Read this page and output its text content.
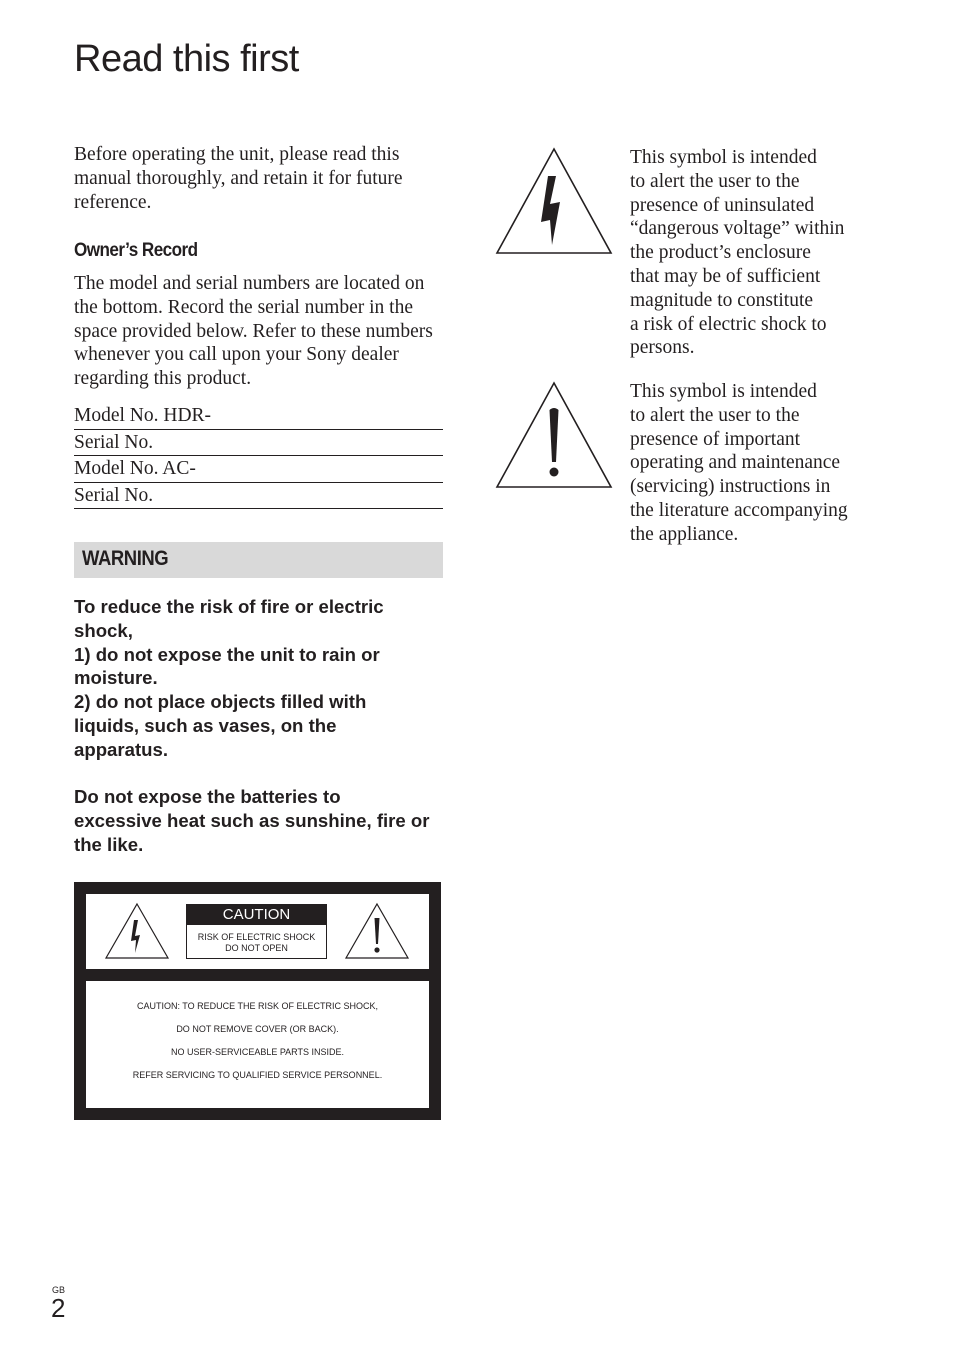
Read this first

Before operating the unit, please read this manual thoroughly, and retain it for future reference.

Owner’s Record

The model and serial numbers are located on the bottom. Record the serial number in the space provided below. Refer to these numbers whenever you call upon your Sony dealer regarding this product.

Model No. HDR-
Serial No.
Model No. AC-
Serial No.
WARNING

To reduce the risk of fire or electric
shock,
1) do not expose the unit to rain or
moisture.
2) do not place objects filled with
liquids, such as vases, on the
apparatus.

Do not expose the batteries to
excessive heat such as sunshine, fire or
the like.

CAUTION
RISK OF ELECTRIC SHOCK
DO NOT OPEN
CAUTION: TO REDUCE THE RISK OF ELECTRIC SHOCK,
DO NOT REMOVE COVER (OR BACK).
NO USER-SERVICEABLE PARTS INSIDE.
REFER SERVICING TO QUALIFIED SERVICE PERSONNEL.

This symbol is intended
to alert the user to the
presence of uninsulated
“dangerous voltage” within
the product’s enclosure
that may be of sufficient
magnitude to constitute
a risk of electric shock to
persons.

This symbol is intended
to alert the user to the
presence of important
operating and maintenance
(servicing) instructions in
the literature accompanying
the appliance.

GB
2
